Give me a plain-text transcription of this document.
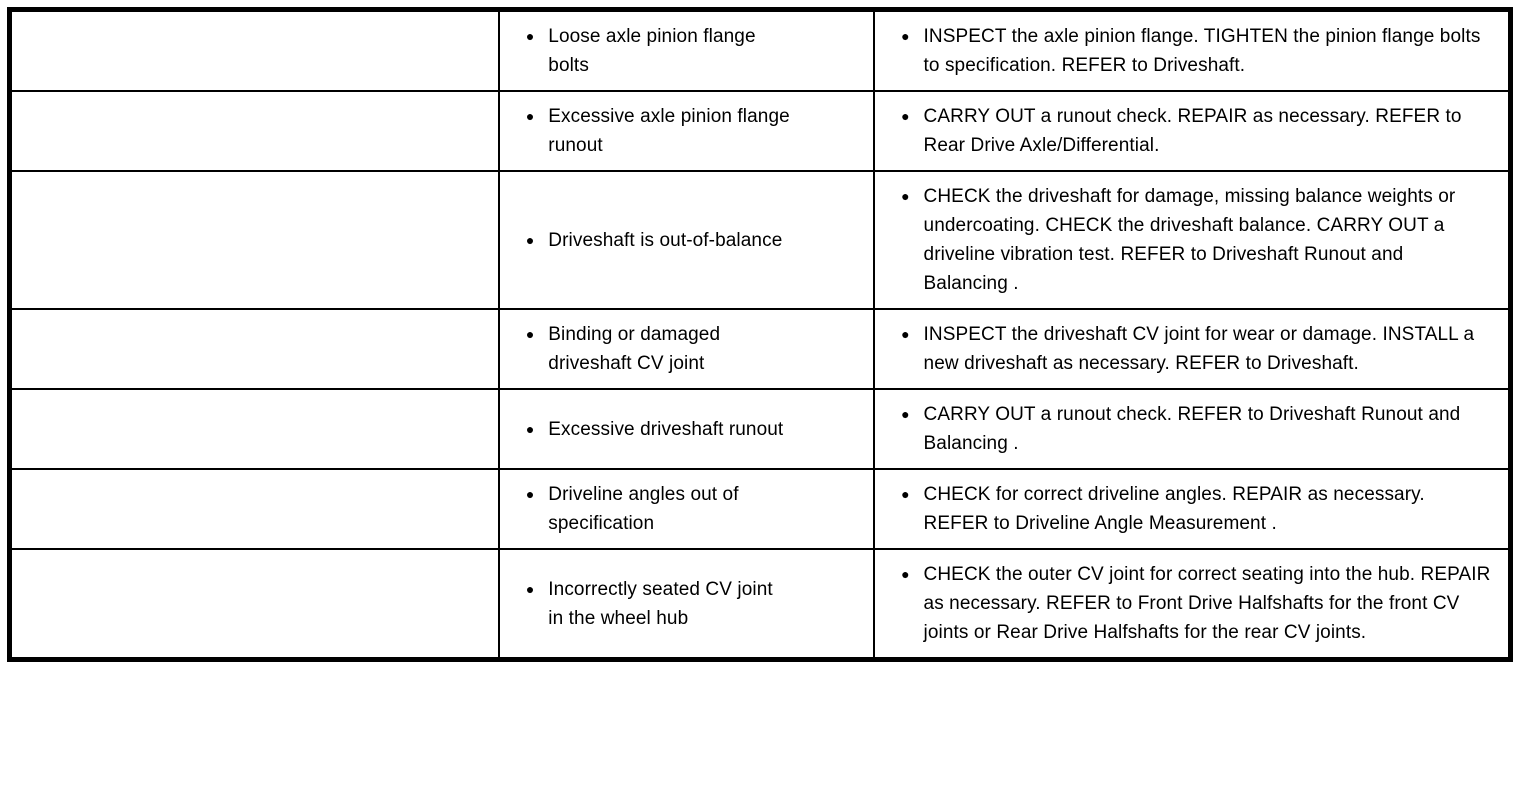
	● Loose axle pinion flange bolts	● INSPECT the axle pinion flange. TIGHTEN the pinion flange bolts to specification. REFER to Driveshaft.

	● Excessive axle pinion flange runout	● CARRY OUT a runout check. REPAIR as necessary. REFER to Rear Drive Axle/Differential.

	● Driveshaft is out-of-balance	● CHECK the driveshaft for damage, missing balance weights or undercoating. CHECK the driveshaft balance. CARRY OUT a driveline vibration test. REFER to Driveshaft Runout and Balancing .

	● Binding or damaged driveshaft CV joint	● INSPECT the driveshaft CV joint for wear or damage. INSTALL a new driveshaft as necessary. REFER to Driveshaft.

	● Excessive driveshaft runout	● CARRY OUT a runout check. REFER to Driveshaft Runout and Balancing .

	● Driveline angles out of specification	● CHECK for correct driveline angles. REPAIR as necessary. REFER to Driveline Angle Measurement .

	● Incorrectly seated CV joint in the wheel hub	● CHECK the outer CV joint for correct seating into the hub. REPAIR as necessary. REFER to Front Drive Halfshafts for the front CV joints or Rear Drive Halfshafts for the rear CV joints.
